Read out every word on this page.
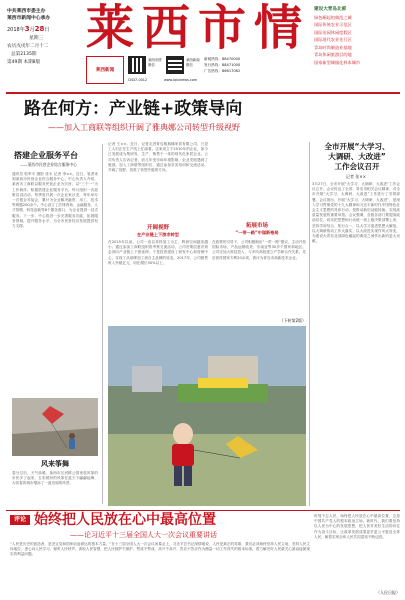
中共莱西市委主办
莱西市新闻中心承办
2018年3月28日
星期三
农历戊戌年二月十二
总第2135期
第49期 本期8版
莱西市情 建设大青岛北部
绿色崛起的典范之城
国际传统农业示范区
国际田园休闲度假区
国际现代农业先行区
青岛时尚制造业基地
青岛休闲旅游目的地
国家新型城镇化样本城市
莱西新闻
莱西市情微信
莱西新闻微信
新闻热线：88470000
发行热线：88471000
广告热线：86617062
CN37-0012	www.laixinews.com
路在何方：产业链+政策导向
——加入工商联等组织开阔了雅典娜公司转型升级视野
搭建企业服务平台
——莱西市民营企业综合服务中心
通讯员 郭军平 摄影 张永 记者 李××。近日，笔者来到莱西市民营企业综合服务中心，中心负责人介绍，莱西市工商联以服务民营企业为宗旨，以“三个一”为工作载体，积极搭建企业服务平台。每月组织一次政策宣讲活动，每季度开展一次企业家沙龙，每年举办一次银企对接会，累计为企业解决融资、用工、技术等难题200余个。中心设立了法律咨询、金融服务、人才招聘、科技创新等8个服务窗口，为企业提供一站式服务。下一步，中心将进一步完善服务功能，拓展服务领域，提升服务水平，为全市民营经济发展提供有力支撑。
风来筝舞
春分过后，天气转暖，莱西市区河畔公园里放风筝的市民多了起来，五彩缤纷的风筝在蓝天下翩翩起舞，为初春的城市增添了一道亮丽的风景。
记者 王××。近日，记者走进青岛雅典娜家居有限公司，只见工人们正在生产线上忙碌着。这家成立于2010年的企业，如今已发展成为集研发、生产、销售于一体的现代化家居企业。公司负责人告诉记者，前几年受市场环境影响，企业发展遇到了瓶颈。加入工商联等组织后，通过参加各类培训和交流活动，开阔了视野，找准了转型升级的方向。
开阔视野
在产业链上下游求转型
在2015年以前，公司一直以来料加工为主，利润空间越来越小。通过参加工商联组织的考察交流活动，公司决策层意识到必须向产业链上下游延伸，于是投资建设了研发中心和营销中心，实现了从贴牌加工到自主品牌的转变。2017年，公司销售收入突破亿元，同比增长30%以上。
拓展市场
“一带一路”中谋新格局
在政策的引导下，公司积极响应“一带一路”倡议，主动开拓国际市场，产品远销欧美、东南亚等30多个国家和地区。公司还加大科技投入，与多所高校建立产学研合作关系，先后获得国家专利20余项，被评为青岛市高新技术企业。
（下转第2版）
全市开展“大学习、
大调研、大改进”
工作会议召开
记者 张××
3月27日，全市开展“大学习、大调研、大改进”工作会议召开。会议传达了全省、青岛市相关会议精神，对全市开展“大学习、大调研、大改进”工作进行了安排部署。会议指出，开展“大学习、大调研、大改进”，是深入学习贯彻党的十九大精神和习近平新时代中国特色社会主义思想的具体行动，是推动新旧动能转换、实现高质量发展的重要举措。会议强调，各级各部门要提高政治站位，切实把思想和行动统一到上级决策部署上来，坚持学用结合、知行合一，以大学习促进思想大解放，以大调研推动工作大落实，以大改进实现作风大转变，为建设大青岛北部绿色崛起的典范之城作出新的更大贡献。
评论 始终把人民放在心中最高位置
——论习近平十三届全国人大一次会议重要讲话
“人民是历史的创造者，是决定党和国家前途命运的根本力量。”在十三届全国人大一次会议闭幕会上，习近平总书记深情地说，人民是真正的英雄，我们必须始终坚持人民立场，坚持人民主体地位，虚心向人民学习，倾听人民呼声，汲取人民智慧，把人民拥护不拥护、赞成不赞成、高兴不高兴、答应不答应作为衡量一切工作得失的根本标准，着力解决好人民最关心最直接最现实的利益问题。
时刻不忘人民，始终把人民放在心中最高位置，这是中国共产党人的根本政治立场。新时代，我们要坚持以人民为中心的发展思想，把人民对美好生活的向往作为奋斗目标，让改革发展成果更多更公平惠及全体人民，朝着实现全体人民共同富裕不断迈进。
（人民日报）
